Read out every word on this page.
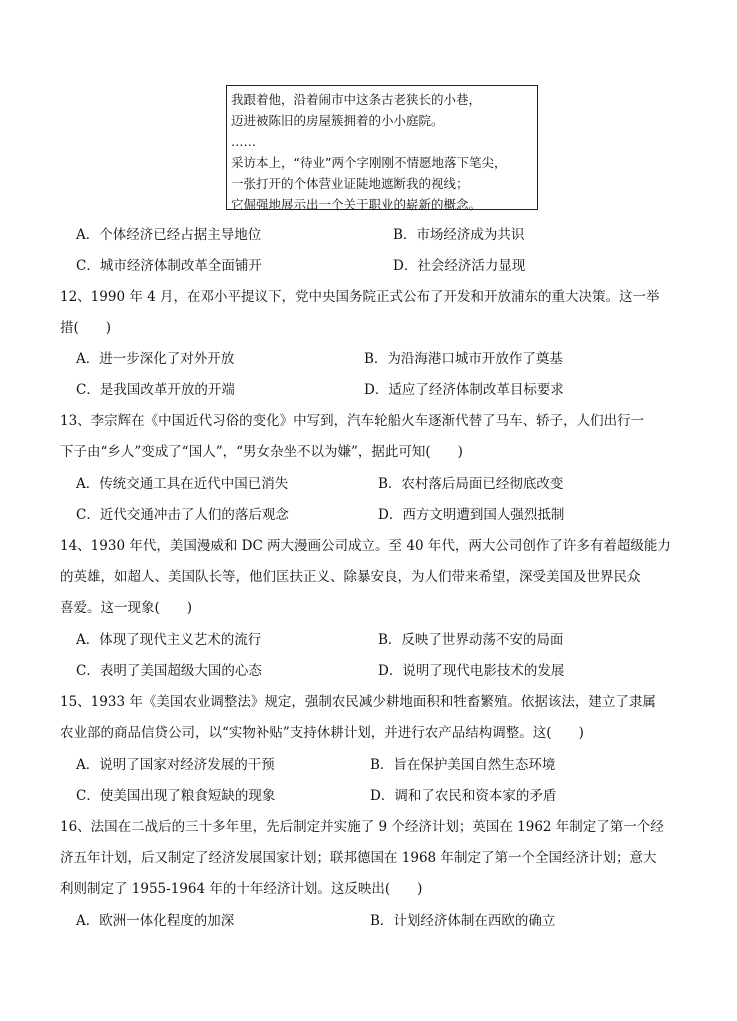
我跟着他，沿着闹市中这条古老狭长的小巷，
迈进被陈旧的房屋簇拥着的小小庭院。
……
采访本上，“待业”两个字刚刚不情愿地落下笔尖，
一张打开的个体营业证陡地遮断我的视线；
它倔强地展示出一个关于职业的崭新的概念。
A．个体经济已经占据主导地位	B．市场经济成为共识
C．城市经济体制改革全面铺开	D．社会经济活力显现
12、1990 年 4 月，在邓小平提议下，党中央国务院正式公布了开发和开放浦东的重大决策。这一举
措(　　)
A．进一步深化了对外开放	B．为沿海港口城市开放作了奠基
C．是我国改革开放的开端	D．适应了经济体制改革目标要求
13、李宗辉在《中国近代习俗的变化》中写到，汽车轮船火车逐渐代替了马车、轿子，人们出行一
下子由“乡人”变成了“国人”，“男女杂坐不以为嫌”，据此可知(　　)
A．传统交通工具在近代中国已消失	B．农村落后局面已经彻底改变
C．近代交通冲击了人们的落后观念	D．西方文明遭到国人强烈抵制
14、1930 年代，美国漫威和 DC 两大漫画公司成立。至 40 年代，两大公司创作了许多有着超级能力
的英雄，如超人、美国队长等，他们匡扶正义、除暴安良，为人们带来希望，深受美国及世界民众
喜爱。这一现象(　　)
A．体现了现代主义艺术的流行	B．反映了世界动荡不安的局面
C．表明了美国超级大国的心态	D．说明了现代电影技术的发展
15、1933 年《美国农业调整法》规定，强制农民减少耕地面积和牲畜繁殖。依据该法，建立了隶属
农业部的商品信贷公司，以“实物补贴”支持休耕计划，并进行农产品结构调整。这(　　)
A．说明了国家对经济发展的干预	B．旨在保护美国自然生态环境
C．使美国出现了粮食短缺的现象	D．调和了农民和资本家的矛盾
16、法国在二战后的三十多年里，先后制定并实施了 9 个经济计划；英国在 1962 年制定了第一个经
济五年计划，后又制定了经济发展国家计划；联邦德国在 1968 年制定了第一个全国经济计划；意大
利则制定了 1955-1964 年的十年经济计划。这反映出(　　)
A．欧洲一体化程度的加深	B．计划经济体制在西欧的确立
